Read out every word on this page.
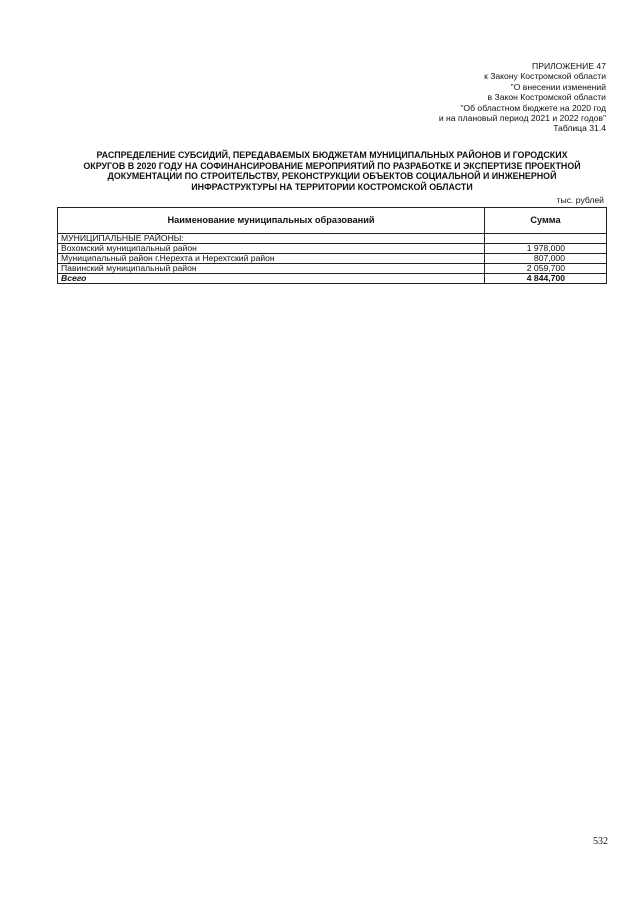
ПРИЛОЖЕНИЕ 47
к Закону Костромской области
"О внесении изменений
в Закон Костромской области
"Об областном бюджете на 2020 год
и на плановый период 2021 и 2022 годов"
Таблица 31.4
РАСПРЕДЕЛЕНИЕ СУБСИДИЙ, ПЕРЕДАВАЕМЫХ БЮДЖЕТАМ МУНИЦИПАЛЬНЫХ РАЙОНОВ И ГОРОДСКИХ
ОКРУГОВ В 2020 ГОДУ НА СОФИНАНСИРОВАНИЕ МЕРОПРИЯТИЙ ПО РАЗРАБОТКЕ И ЭКСПЕРТИЗЕ ПРОЕКТНОЙ
ДОКУМЕНТАЦИИ ПО СТРОИТЕЛЬСТВУ, РЕКОНСТРУКЦИИ ОБЪЕКТОВ СОЦИАЛЬНОЙ И ИНЖЕНЕРНОЙ
ИНФРАСТРУКТУРЫ НА ТЕРРИТОРИИ КОСТРОМСКОЙ ОБЛАСТИ
тыс. рублей
Наименование муниципальных образований	Сумма
МУНИЦИПАЛЬНЫЕ РАЙОНЫ:	
Вохомский муниципальный район	1 978,000
Муниципальный район г.Нерехта и Нерехтский район	807,000
Павинский муниципальный район	2 059,700
Всего	4 844,700
532
